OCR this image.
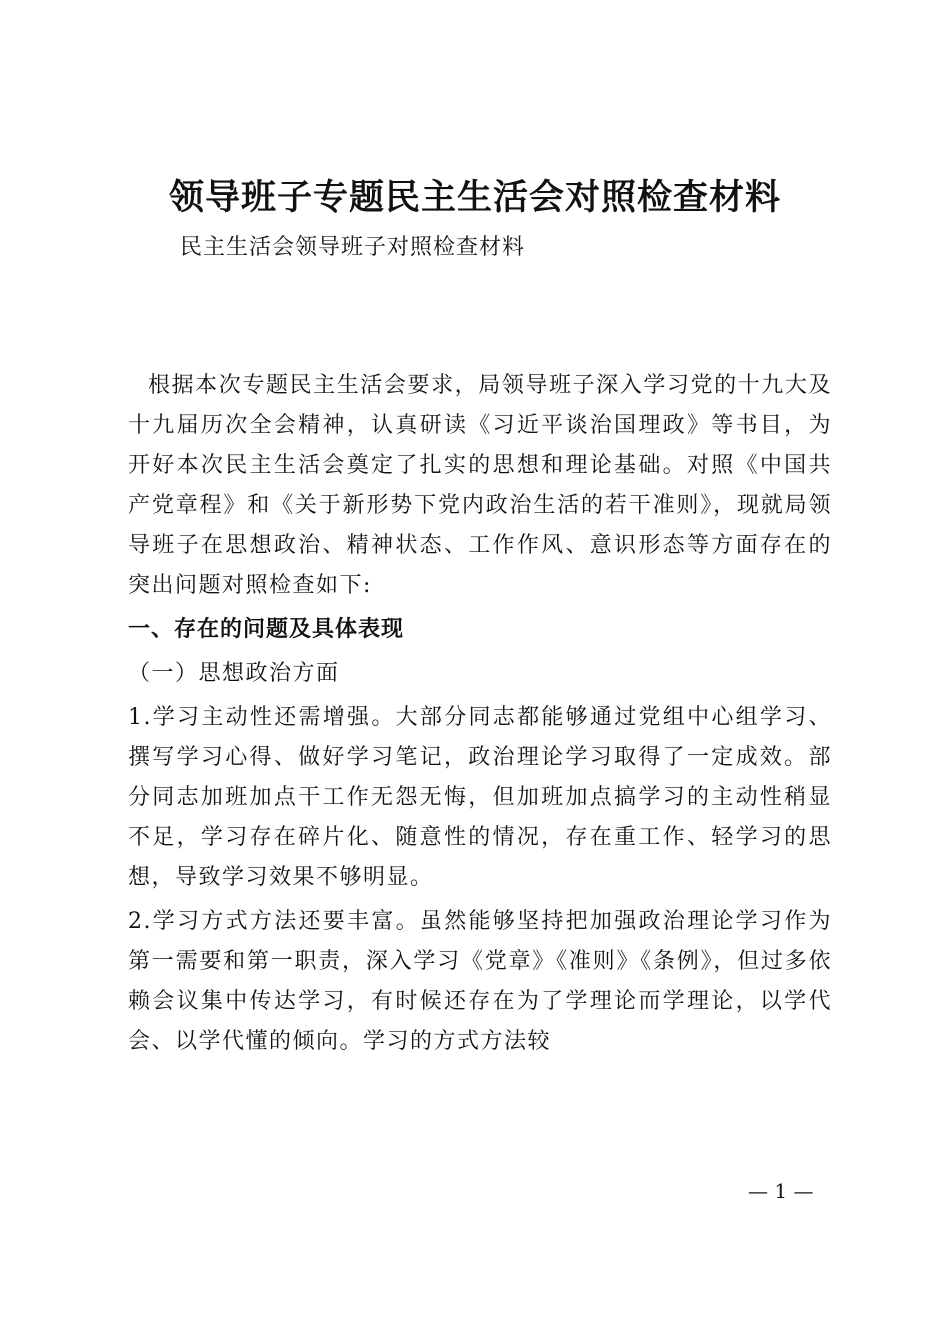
领导班子专题民主生活会对照检查材料

民主生活会领导班子对照检查材料

根据本次专题民主生活会要求，局领导班子深入学习党的十九大及十九届历次全会精神，认真研读《习近平谈治国理政》等书目，为开好本次民主生活会奠定了扎实的思想和理论基础。对照《中国共产党章程》和《关于新形势下党内政治生活的若干准则》，现就局领导班子在思想政治、精神状态、工作作风、意识形态等方面存在的突出问题对照检查如下:

一、存在的问题及具体表现

（一）思想政治方面

1.学习主动性还需增强。大部分同志都能够通过党组中心组学习、撰写学习心得、做好学习笔记，政治理论学习取得了一定成效。部分同志加班加点干工作无怨无悔，但加班加点搞学习的主动性稍显不足，学习存在碎片化、随意性的情况，存在重工作、轻学习的思想，导致学习效果不够明显。

2.学习方式方法还要丰富。虽然能够坚持把加强政治理论学习作为第一需要和第一职责，深入学习《党章》《准则》《条例》，但过多依赖会议集中传达学习，有时候还存在为了学理论而学理论，以学代会、以学代懂的倾向。学习的方式方法较

— 1 —
